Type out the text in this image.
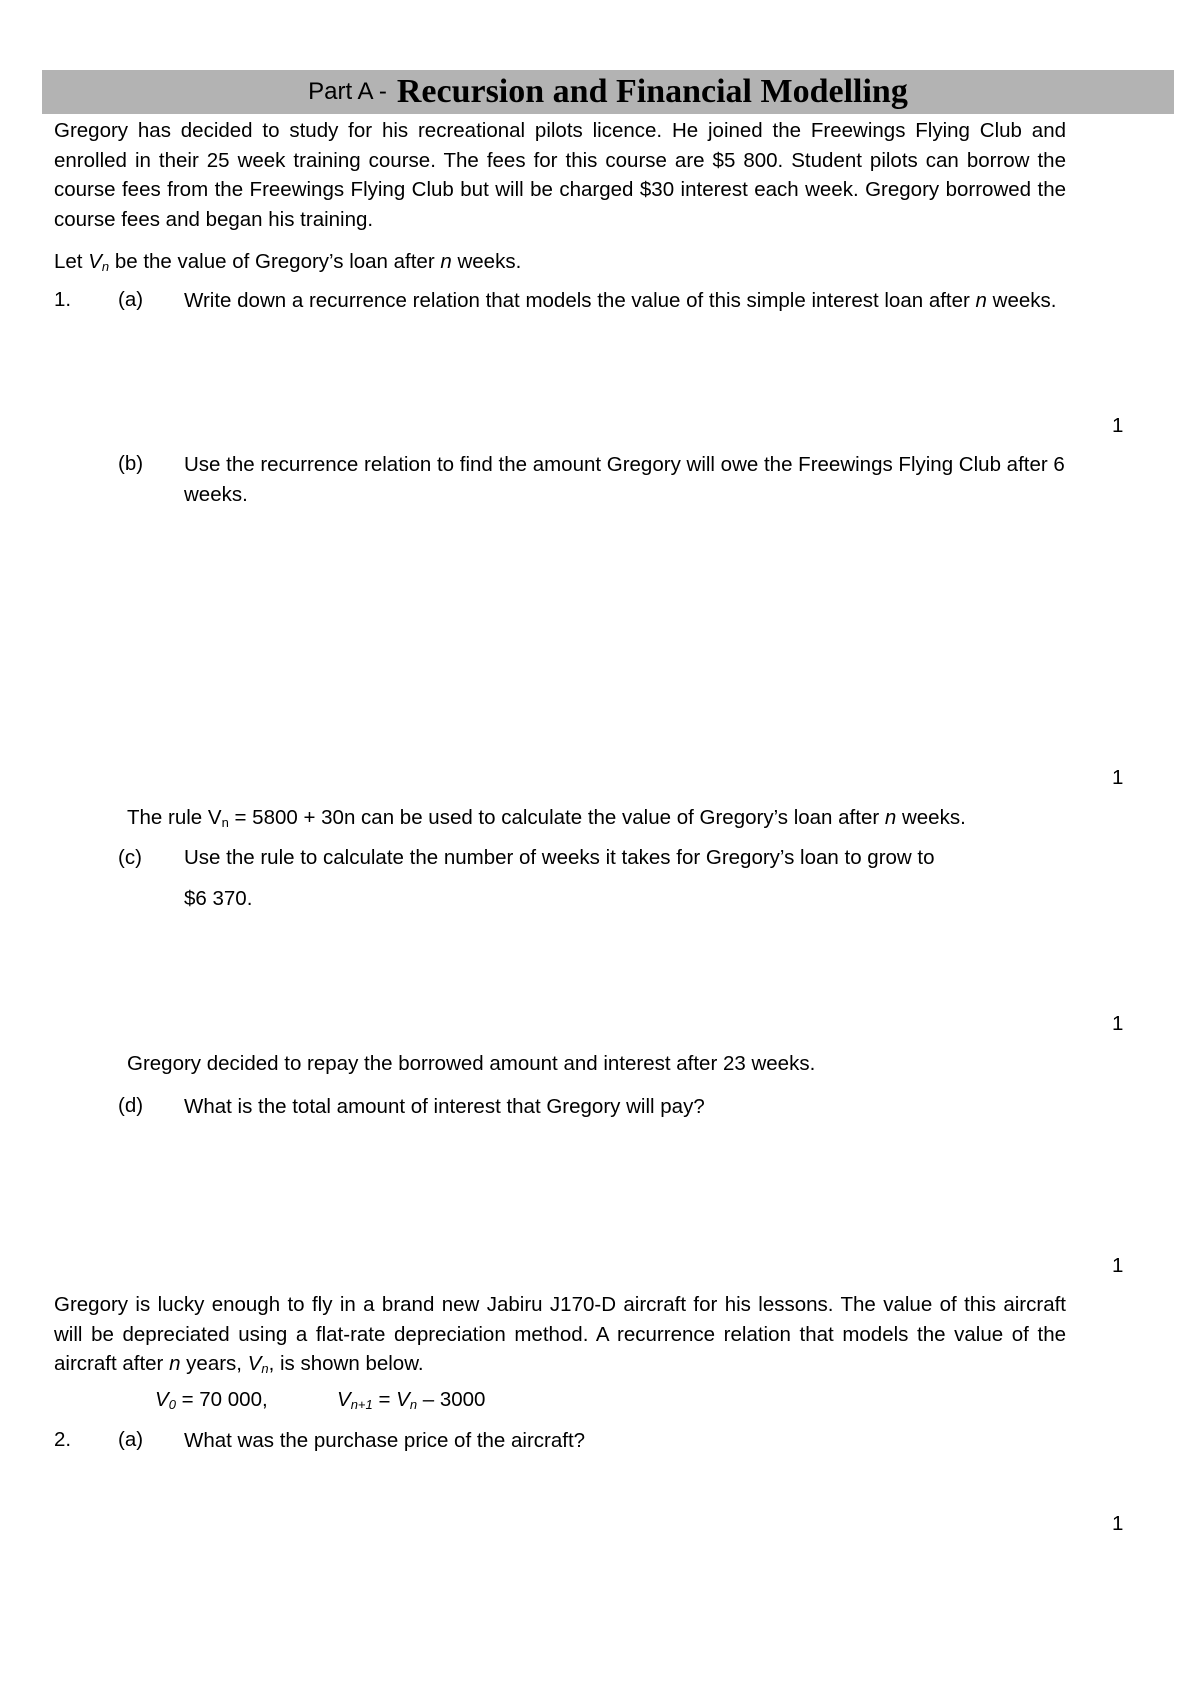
Part A - Recursion and Financial Modelling
Gregory has decided to study for his recreational pilots licence. He joined the Freewings Flying Club and enrolled in their 25 week training course. The fees for this course are $5 800. Student pilots can borrow the course fees from the Freewings Flying Club but will be charged $30 interest each week. Gregory borrowed the course fees and began his training.
Let $V_n$ be the value of Gregory’s loan after n weeks.
1. (a) Write down a recurrence relation that models the value of this simple interest loan after n weeks.
1
(b) Use the recurrence relation to find the amount Gregory will owe the Freewings Flying Club after 6 weeks.
1
The rule $V_n = 5800 + 30n$ can be used to calculate the value of Gregory’s loan after n weeks.
(c) Use the rule to calculate the number of weeks it takes for Gregory’s loan to grow to
$6 370.
1
Gregory decided to repay the borrowed amount and interest after 23 weeks.
(d) What is the total amount of interest that Gregory will pay?
1
Gregory is lucky enough to fly in a brand new Jabiru J170-D aircraft for his lessons. The value of this aircraft will be depreciated using a flat-rate depreciation method. A recurrence relation that models the value of the aircraft after n years, $V_n$, is shown below.
$V_0 = 70$ 000,	$V_{n+1} = V_n - 3000$
2. (a) What was the purchase price of the aircraft?
1
